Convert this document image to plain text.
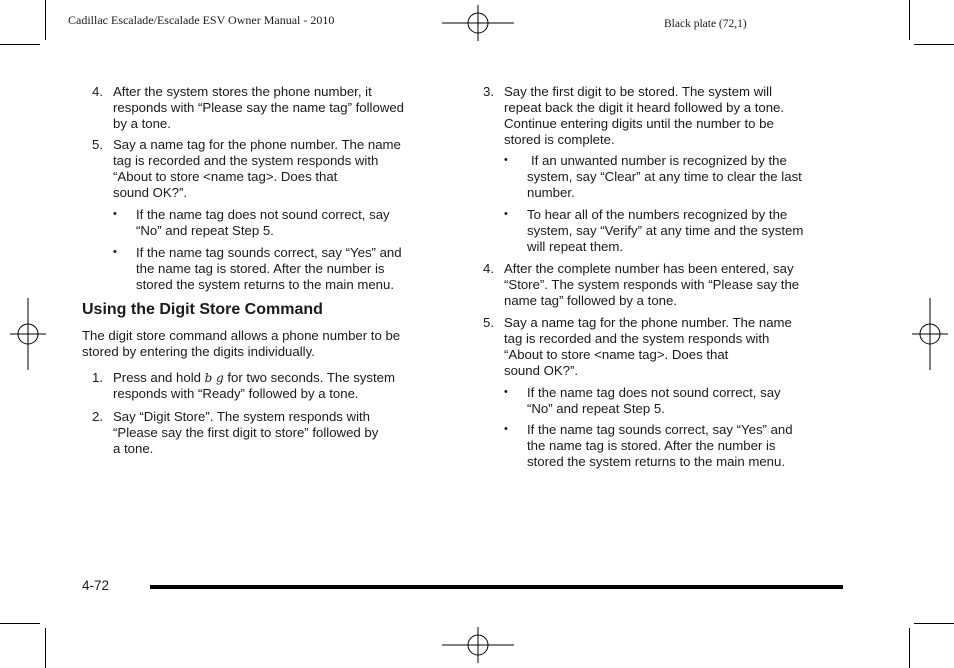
Cadillac Escalade/Escalade ESV Owner Manual - 2010	Black plate (72,1)
4. After the system stores the phone number, it
responds with “Please say the name tag” followed
by a tone.
5. Say a name tag for the phone number. The name
tag is recorded and the system responds with
“About to store <name tag>. Does that
sound OK?”.
• If the name tag does not sound correct, say
“No” and repeat Step 5.
• If the name tag sounds correct, say “Yes” and
the name tag is stored. After the number is
stored the system returns to the main menu.
Using the Digit Store Command
The digit store command allows a phone number to be
stored by entering the digits individually.
1. Press and hold b g for two seconds. The system
responds with “Ready” followed by a tone.
2. Say “Digit Store”. The system responds with
“Please say the first digit to store” followed by
a tone.
3. Say the first digit to be stored. The system will
repeat back the digit it heard followed by a tone.
Continue entering digits until the number to be
stored is complete.
• If an unwanted number is recognized by the
system, say “Clear” at any time to clear the last
number.
• To hear all of the numbers recognized by the
system, say “Verify” at any time and the system
will repeat them.
4. After the complete number has been entered, say
“Store”. The system responds with “Please say the
name tag” followed by a tone.
5. Say a name tag for the phone number. The name
tag is recorded and the system responds with
“About to store <name tag>. Does that
sound OK?”.
• If the name tag does not sound correct, say
“No” and repeat Step 5.
• If the name tag sounds correct, say “Yes” and
the name tag is stored. After the number is
stored the system returns to the main menu.
4-72
